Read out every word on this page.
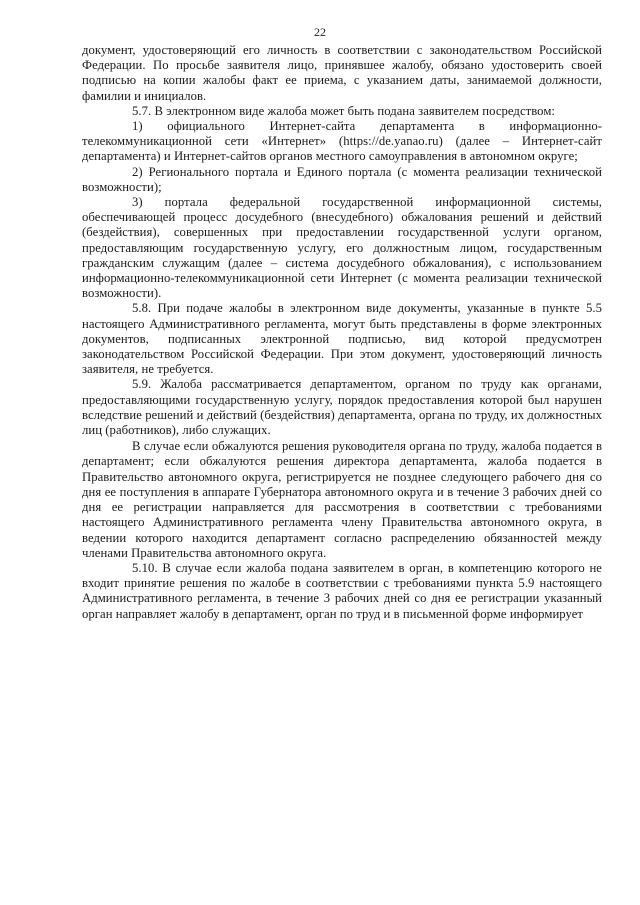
22

документ, удостоверяющий его личность в соответствии с законодательством Российской Федерации. По просьбе заявителя лицо, принявшее жалобу, обязано удостоверить своей подписью на копии жалобы факт ее приема, с указанием даты, занимаемой должности, фамилии и инициалов.

5.7. В электронном виде жалоба может быть подана заявителем посредством:

1) официального Интернет-сайта департамента в информационно-телекоммуникационной сети «Интернет» (https://de.yanao.ru) (далее – Интернет-сайт департамента) и Интернет-сайтов органов местного самоуправления в автономном округе;

2) Регионального портала и Единого портала (с момента реализации технической возможности);

3) портала федеральной государственной информационной системы, обеспечивающей процесс досудебного (внесудебного) обжалования решений и действий (бездействия), совершенных при предоставлении государственной услуги органом, предоставляющим государственную услугу, его должностным лицом, государственным гражданским служащим (далее – система досудебного обжалования), с использованием информационно-телекоммуникационной сети Интернет (с момента реализации технической возможности).

5.8. При подаче жалобы в электронном виде документы, указанные в пункте 5.5 настоящего Административного регламента, могут быть представлены в форме электронных документов, подписанных электронной подписью, вид которой предусмотрен законодательством Российской Федерации. При этом документ, удостоверяющий личность заявителя, не требуется.

5.9. Жалоба рассматривается департаментом, органом по труду как органами, предоставляющими государственную услугу, порядок предоставления которой был нарушен вследствие решений и действий (бездействия) департамента, органа по труду, их должностных лиц (работников), либо служащих.

В случае если обжалуются решения руководителя органа по труду, жалоба подается в департамент; если обжалуются решения директора департамента, жалоба подается в Правительство автономного округа, регистрируется не позднее следующего рабочего дня со дня ее поступления в аппарате Губернатора автономного округа и в течение 3 рабочих дней со дня ее регистрации направляется для рассмотрения в соответствии с требованиями настоящего Административного регламента члену Правительства автономного округа, в ведении которого находится департамент согласно распределению обязанностей между членами Правительства автономного округа.

5.10. В случае если жалоба подана заявителем в орган, в компетенцию которого не входит принятие решения по жалобе в соответствии с требованиями пункта 5.9 настоящего Административного регламента, в течение 3 рабочих дней со дня ее регистрации указанный орган направляет жалобу в департамент, орган по труд и в письменной форме информирует
